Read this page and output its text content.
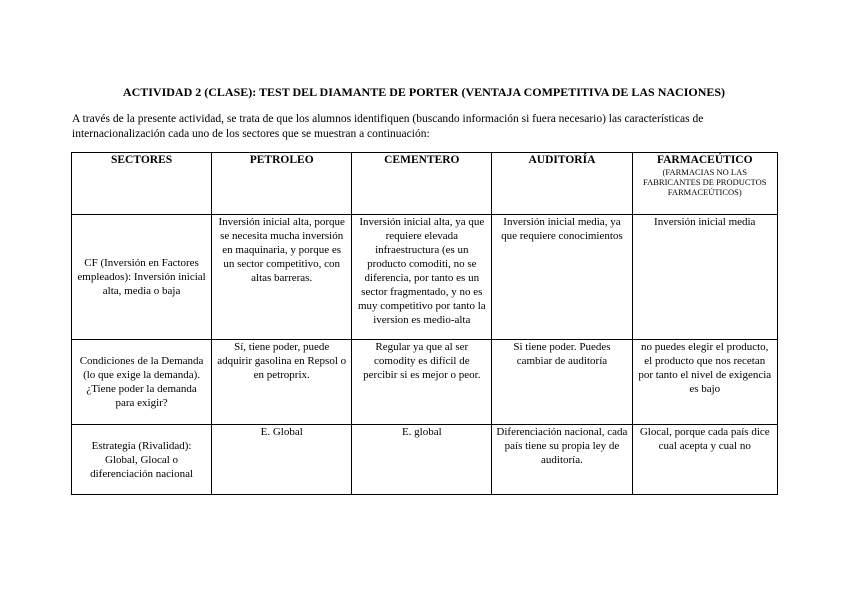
ACTIVIDAD 2 (CLASE): TEST DEL DIAMANTE DE PORTER (VENTAJA COMPETITIVA DE LAS NACIONES)
A través de la presente actividad, se trata de que los alumnos identifiquen (buscando información si fuera necesario) las características de internacionalización cada uno de los sectores que se muestran a continuación:
SECTORES	PETROLEO	CEMENTERO	AUDITORÍA	FARMACEÚTICO
(FARMACIAS NO LAS FABRICANTES DE PRODUCTOS FARMACEÚTICOS)

CF (Inversión en Factores empleados): Inversión inicial alta, media o baja	Inversión inicial alta, porque se necesita mucha inversión en maquinaria, y porque es un sector competitivo, con altas barreras.	Inversión inicial alta, ya que requiere elevada infraestructura (es un producto comoditi, no se diferencia, por tanto es un sector fragmentado, y no es muy competitivo por tanto la iversion es medio-alta	Inversión inicial media, ya que requiere conocimientos	Inversión inicial media
Condiciones de la Demanda (lo que exige la demanda). ¿Tiene poder la demanda para exigir?	Sí, tiene poder, puede adquirir gasolina en Repsol o en petroprix.	Regular ya que al ser comodity es difícil de percibir si es mejor o peor.	Si tiene poder. Puedes cambiar de auditoría	no puedes elegir el producto, el producto que nos recetan por tanto el nivel de exigencia es bajo
Estrategia (Rivalidad): Global, Glocal o diferenciación nacional	E. Global	E. global	Diferenciación nacional, cada país tiene su propia ley de auditoría.	Glocal, porque cada país dice cual acepta y cual no
